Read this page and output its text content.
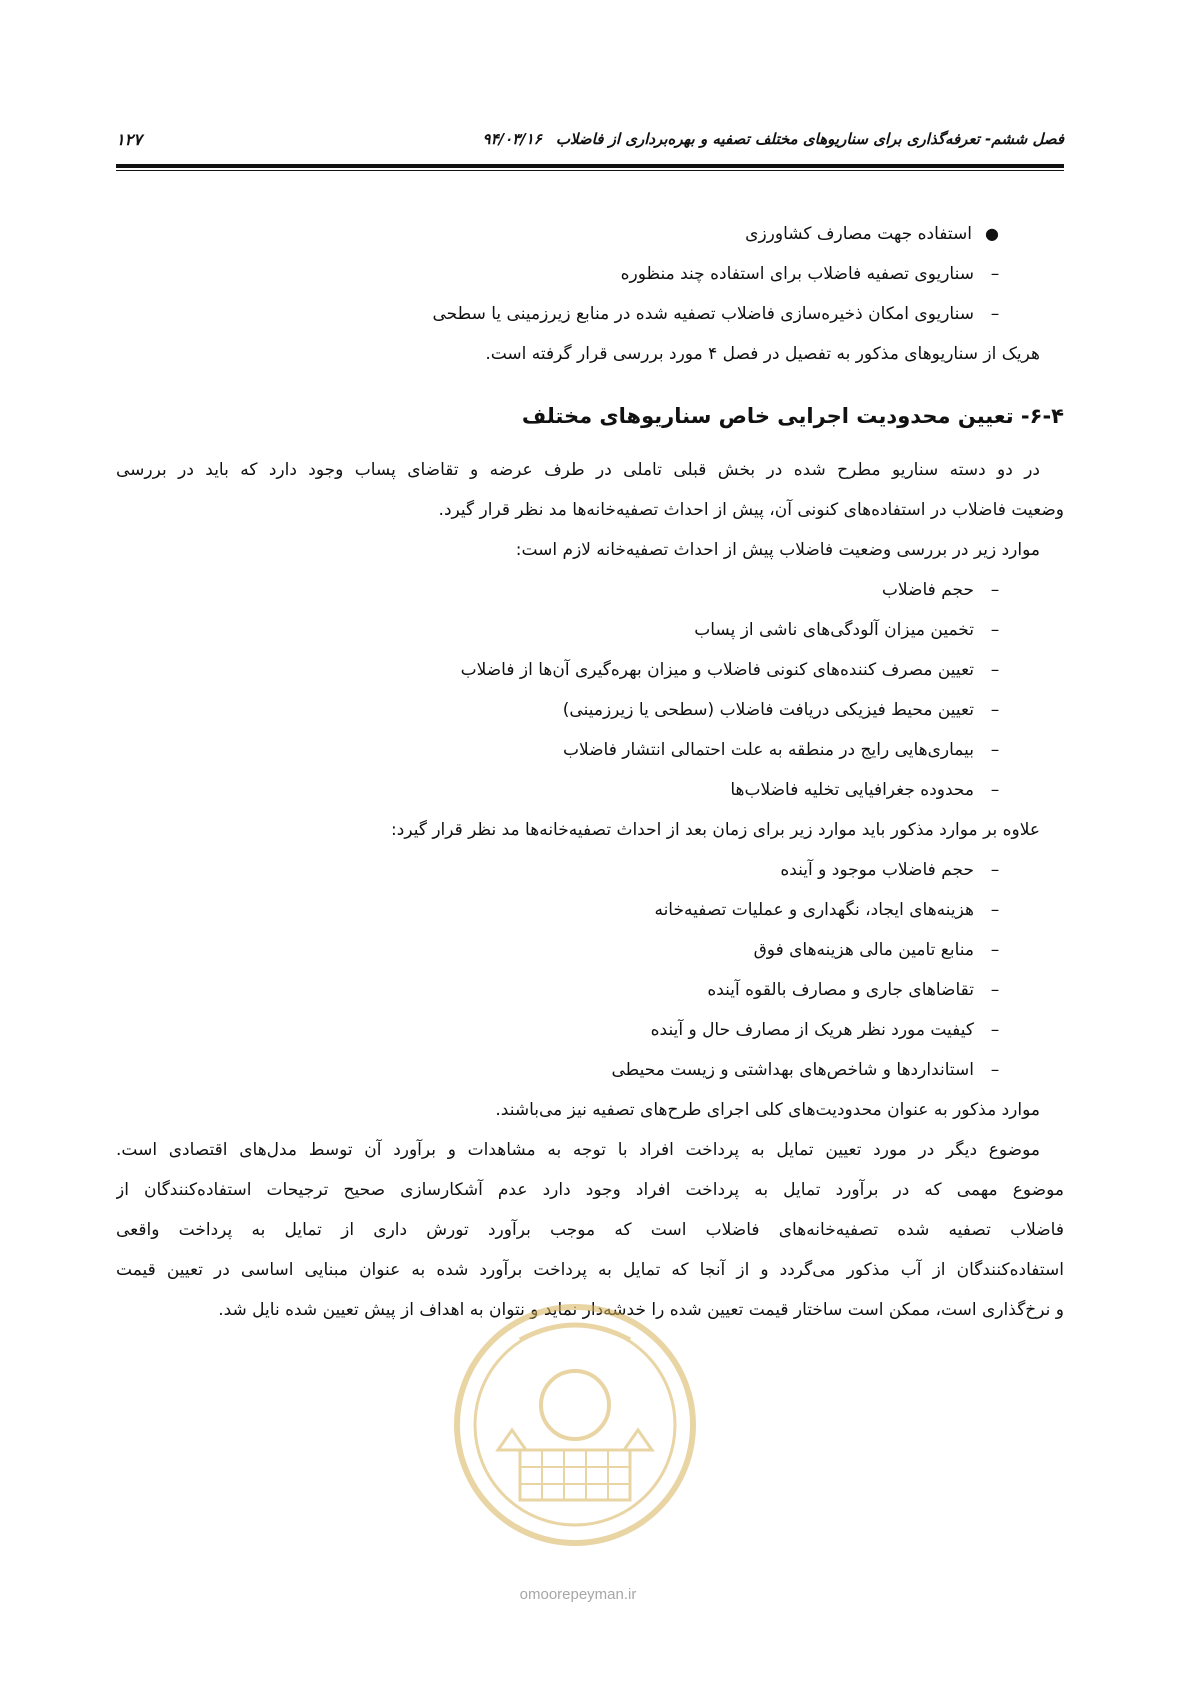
فصل ششم- تعرفه‌گذاری برای سناریوهای مختلف تصفیه و بهره‌برداری از فاضلاب۹۴/۰۳/۱۶
۱۲۷
●استفاده جهت مصارف کشاورزی
–سناریوی تصفیه فاضلاب برای استفاده چند منظوره
–سناریوی امکان ذخیره‌سازی فاضلاب تصفیه شده در منابع زیرزمینی یا سطحی
هریک از سناریوهای مذکور به تفصیل در فصل ۴ مورد بررسی قرار گرفته است.
۶-۴- تعیین محدودیت اجرایی خاص سناریوهای مختلف
در دو دسته سناریو مطرح شده در بخش قبلی تاملی در طرف عرضه و تقاضای پساب وجود دارد که باید در بررسی
وضعیت فاضلاب در استفاده‌های کنونی آن، پیش از احداث تصفیه‌خانه‌ها مد نظر قرار گیرد.
موارد زیر در بررسی وضعیت فاضلاب پیش از احداث تصفیه‌خانه لازم است:
–حجم فاضلاب
–تخمین میزان آلودگی‌های ناشی از پساب
–تعیین مصرف کننده‌های کنونی فاضلاب و میزان بهره‌گیری آن‌ها از فاضلاب
–تعیین محیط فیزیکی دریافت فاضلاب (سطحی یا زیرزمینی)
–بیماری‌هایی رایج در منطقه به علت احتمالی انتشار فاضلاب
–محدوده جغرافیایی تخلیه فاضلاب‌ها
علاوه بر موارد مذکور باید موارد زیر برای زمان بعد از احداث تصفیه‌خانه‌ها مد نظر قرار گیرد:
–حجم فاضلاب موجود و آینده
–هزینه‌های ایجاد، نگهداری و عملیات تصفیه‌خانه
–منابع تامین مالی هزینه‌های فوق
–تقاضاهای جاری و مصارف بالقوه آینده
–کیفیت مورد نظر هریک از مصارف حال و آینده
–استانداردها و شاخص‌های بهداشتی و زیست محیطی
موارد مذکور به عنوان محدودیت‌های کلی اجرای طرح‌های تصفیه نیز می‌باشند.
موضوع دیگر در مورد تعیین تمایل به پرداخت افراد با توجه به مشاهدات و برآورد آن توسط مدل‌های اقتصادی است.
موضوع مهمی که در برآورد تمایل به پرداخت افراد وجود دارد عدم آشکارسازی صحیح ترجیحات استفاده‌کنندگان از
فاضلاب تصفیه شده تصفیه‌خانه‌های فاضلاب است که موجب برآورد تورش داری از تمایل به پرداخت واقعی
استفاده‌کنندگان از آب مذکور می‌گردد و از آنجا که تمایل به پرداخت برآورد شده به عنوان مبنایی اساسی در تعیین قیمت
و نرخ‌گذاری است، ممکن است ساختار قیمت تعیین شده را خدشه‌دار نماید و نتوان به اهداف از پیش تعیین شده نایل شد.
omoorepeyman.ir
